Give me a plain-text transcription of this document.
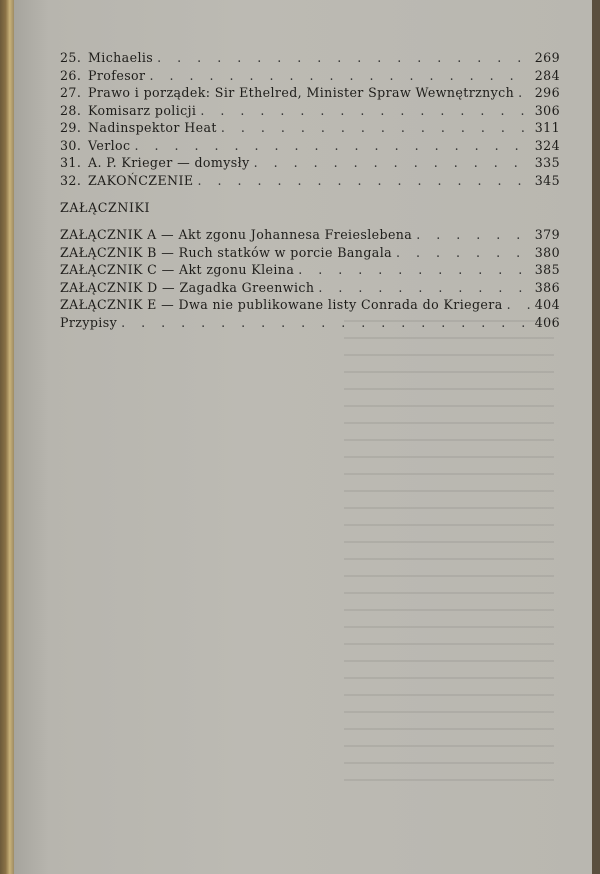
25. Michaelis . . .	269
26. Profesor . . .	284
27. Prawo i porządek: Sir Ethelred, Minister Spraw Wewnętrznych . . . 296
28. Komisarz policji . . .	306
29. Nadinspektor Heat . . .	311
30. Verloc . . .	324
31. A. P. Krieger — domysły . . .	335
32. ZAKOŃCZENIE . . .	345
ZAŁĄCZNIKI
ZAŁĄCZNIK A — Akt zgonu Johannesa Freieslebena . . .	379
ZAŁĄCZNIK B — Ruch statków w porcie Bangala . . .	380
ZAŁĄCZNIK C — Akt zgonu Kleina . . .	385
ZAŁĄCZNIK D — Zagadka Greenwich . . .	386
ZAŁĄCZNIK E — Dwa nie publikowane listy Conrada do Kriegera . . .	404
Przypisy . . .	406
